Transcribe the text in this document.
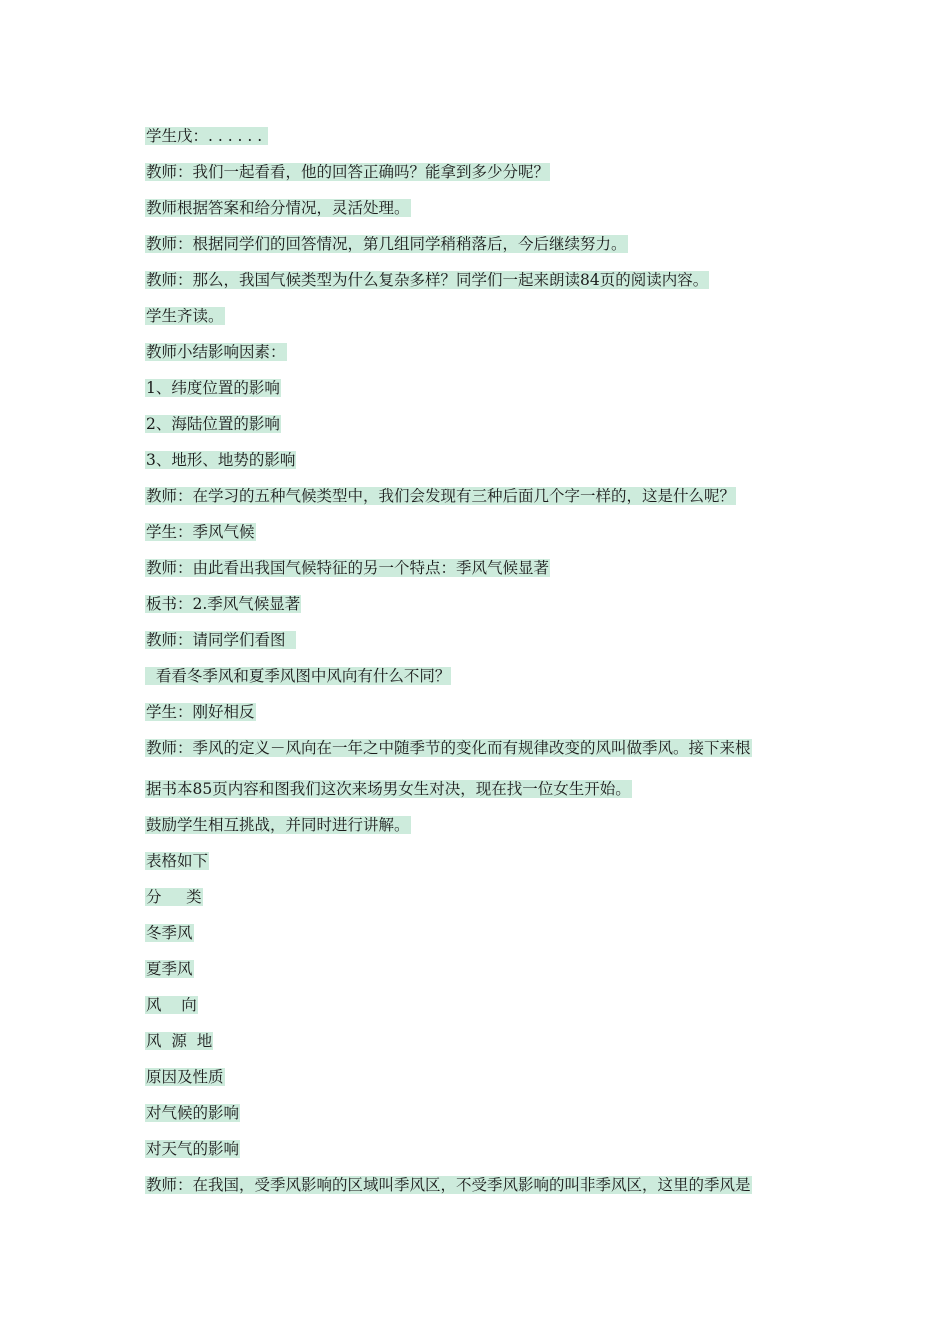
学生戊：. . . . . .
教师：我们一起看看，他的回答正确吗？能拿到多少分呢？
教师根据答案和给分情况，灵活处理。
教师：根据同学们的回答情况，第几组同学稍稍落后，今后继续努力。
教师：那么，我国气候类型为什么复杂多样？同学们一起来朗读84页的阅读内容。
学生齐读。
教师小结影响因素：
1、纬度位置的影响
2、海陆位置的影响
3、地形、地势的影响
教师：在学习的五种气候类型中，我们会发现有三种后面几个字一样的，这是什么呢？
学生：季风气候
教师：由此看出我国气候特征的另一个特点：季风气候显著
板书：2.季风气候显著
教师：请同学们看图
看看冬季风和夏季风图中风向有什么不同？
学生：刚好相反
教师：季风的定义－风向在一年之中随季节的变化而有规律改变的风叫做季风。接下来根
据书本85页内容和图我们这次来场男女生对决，现在找一位女生开始。
鼓励学生相互挑战，并同时进行讲解。
表格如下
分     类
冬季风
夏季风
风    向
风  源  地
原因及性质
对气候的影响
对天气的影响
教师：在我国，受季风影响的区域叫季风区，不受季风影响的叫非季风区，这里的季风是
